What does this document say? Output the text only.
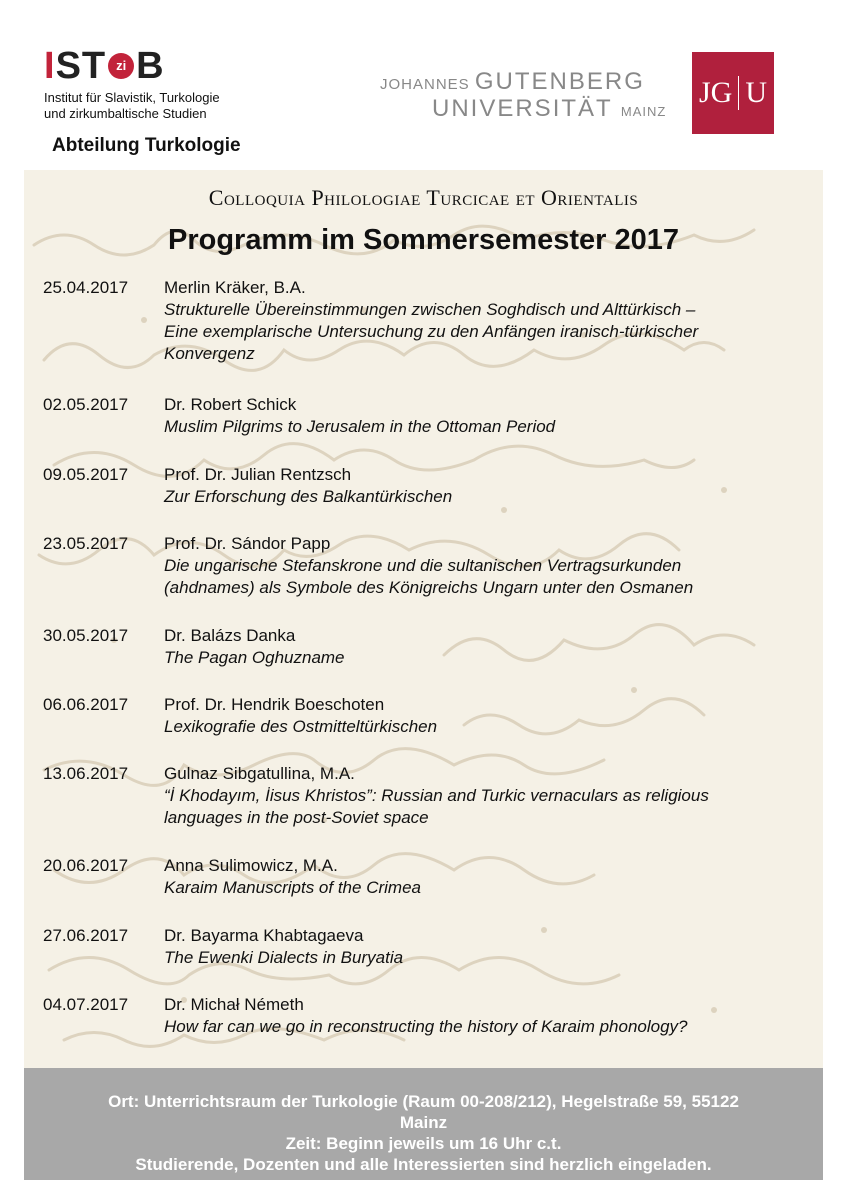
I ST zi B
Institut für Slavistik, Turkologie
und zirkumbaltische Studien
Abteilung Turkologie
JOHANNES GUTENBERG
UNIVERSITÄT MAINZ
JG U
Colloquia Philologiae Turcicae et Orientalis
Programm im Sommersemester 2017
25.04.2017	Merlin Kräker, B.A.
Strukturelle Übereinstimmungen zwischen Soghdisch und Alttürkisch –
Eine exemplarische Untersuchung zu den Anfängen iranisch-türkischer
Konvergenz
02.05.2017	Dr. Robert Schick
Muslim Pilgrims to Jerusalem in the Ottoman Period
09.05.2017	Prof. Dr. Julian Rentzsch
Zur Erforschung des Balkantürkischen
23.05.2017	Prof. Dr. Sándor Papp
Die ungarische Stefanskrone und die sultanischen Vertragsurkunden
(ahdnames) als Symbole des Königreichs Ungarn unter den Osmanen
30.05.2017	Dr. Balázs Danka
The Pagan Oghuzname
06.06.2017	Prof. Dr. Hendrik Boeschoten
Lexikografie des Ostmitteltürkischen
13.06.2017	Gulnaz Sibgatullina, M.A.
“İ Khodayım, İisus Khristos”: Russian and Turkic vernaculars as religious
languages in the post-Soviet space
20.06.2017	Anna Sulimowicz, M.A.
Karaim Manuscripts of the Crimea
27.06.2017	Dr. Bayarma Khabtagaeva
The Ewenki Dialects in Buryatia
04.07.2017	Dr. Michał Németh
How far can we go in reconstructing the history of Karaim phonology?
Ort: Unterrichtsraum der Turkologie (Raum 00-208/212), Hegelstraße 59, 55122
Mainz
Zeit: Beginn jeweils um 16 Uhr c.t.
Studierende, Dozenten und alle Interessierten sind herzlich eingeladen.
